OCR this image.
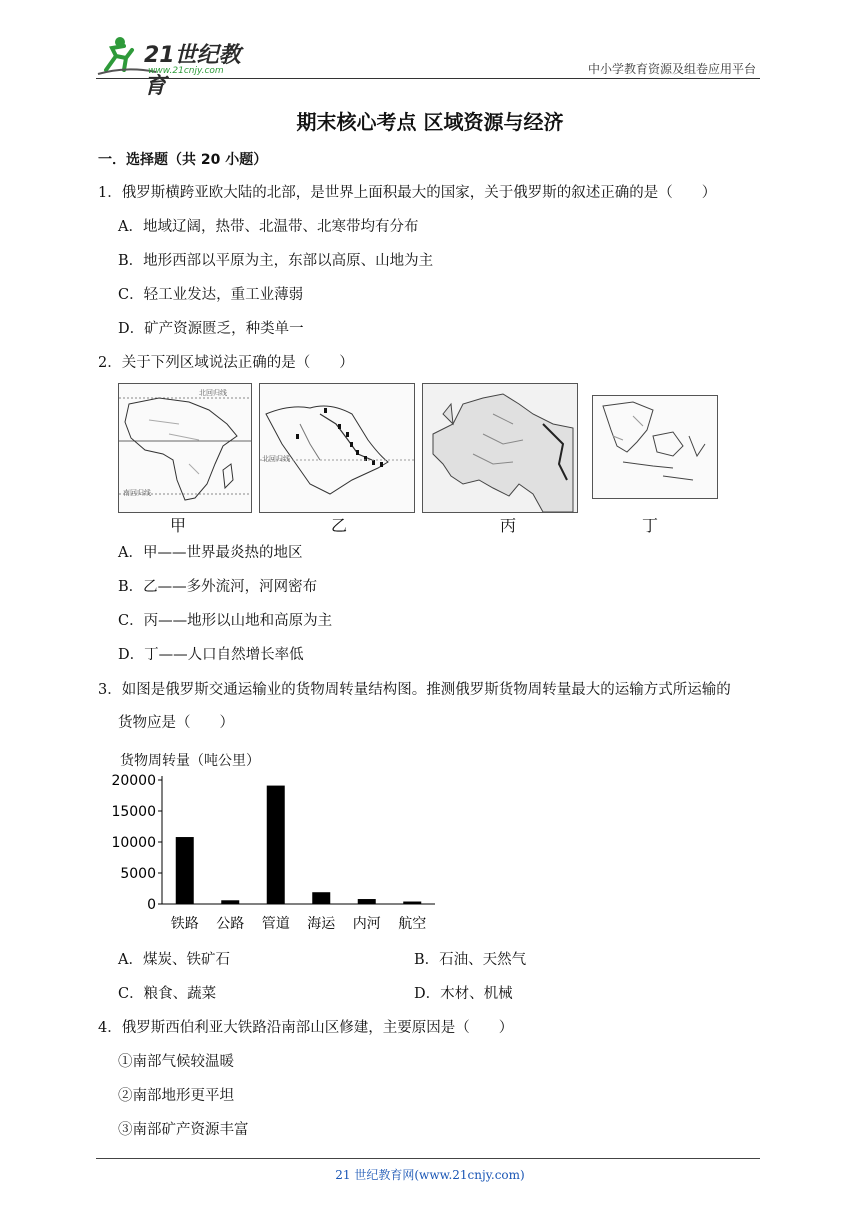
21世纪教育
www.21cnjy.com	中小学教育资源及组卷应用平台
期末核心考点 区域资源与经济
一．选择题（共 20 小题）
1．俄罗斯横跨亚欧大陆的北部，是世界上面积最大的国家，关于俄罗斯的叙述正确的是（　　）
A．地域辽阔，热带、北温带、北寒带均有分布
B．地形西部以平原为主，东部以高原、山地为主
C．轻工业发达，重工业薄弱
D．矿产资源匮乏，种类单一
2．关于下列区域说法正确的是（　　）
北回归线
南回归线
北回归线
甲	乙	丙	丁
A．甲——世界最炎热的地区
B．乙——多外流河，河网密布
C．丙——地形以山地和高原为主
D．丁——人口自然增长率低
3．如图是俄罗斯交通运输业的货物周转量结构图。推测俄罗斯货物周转量最大的运输方式所运输的
货物应是（　　）
货物周转量（吨公里）
0
5000
10000
15000
20000
铁路 公路 管道 海运 内河 航空
A．煤炭、铁矿石	B．石油、天然气
C．粮食、蔬菜	D．木材、机械
4．俄罗斯西伯利亚大铁路沿南部山区修建，主要原因是（　　）
①南部气候较温暖
②南部地形更平坦
③南部矿产资源丰富
21 世纪教育网(www.21cnjy.com)
